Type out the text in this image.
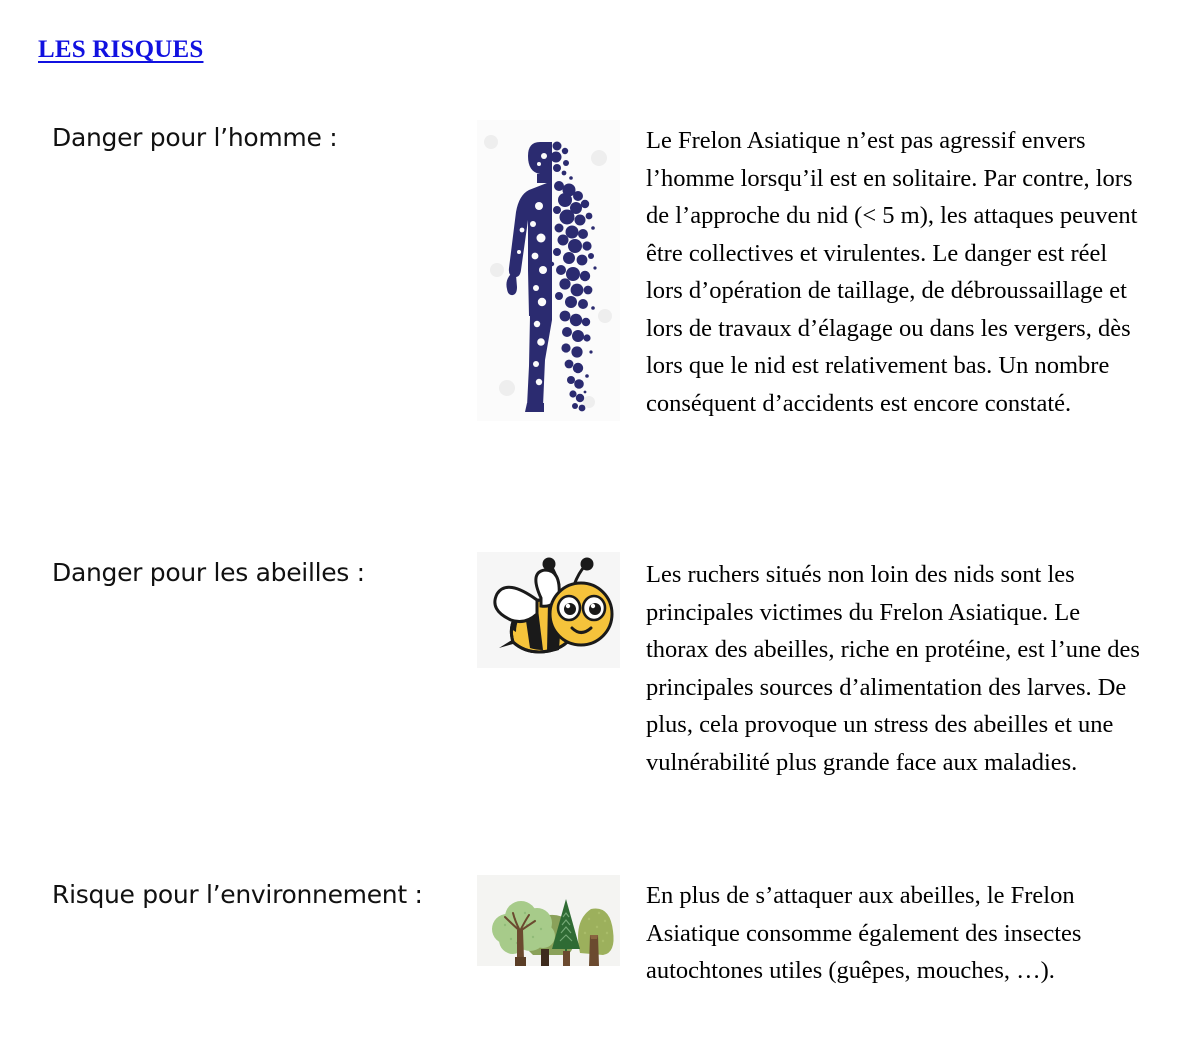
LES RISQUES
Danger pour l’homme :	Le Frelon Asiatique n’est pas agressif envers l’homme lorsqu’il est en solitaire. Par contre, lors de l’approche du nid (< 5 m), les attaques peuvent être collectives et virulentes. Le danger est réel lors d’opération de taillage, de débroussaillage et lors de travaux d’élagage ou dans les vergers, dès lors que le nid est relativement bas. Un nombre conséquent d’accidents est encore constaté.
Danger pour les abeilles :	Les ruchers situés non loin des nids sont les principales victimes du Frelon Asiatique. Le thorax des abeilles, riche en protéine, est l’une des principales sources d’alimentation des larves. De plus, cela provoque un stress des abeilles et une vulnérabilité plus grande face aux maladies.
Risque pour l’environnement :	En plus de s’attaquer aux abeilles, le Frelon Asiatique consomme également des insectes autochtones utiles (guêpes, mouches, …).
